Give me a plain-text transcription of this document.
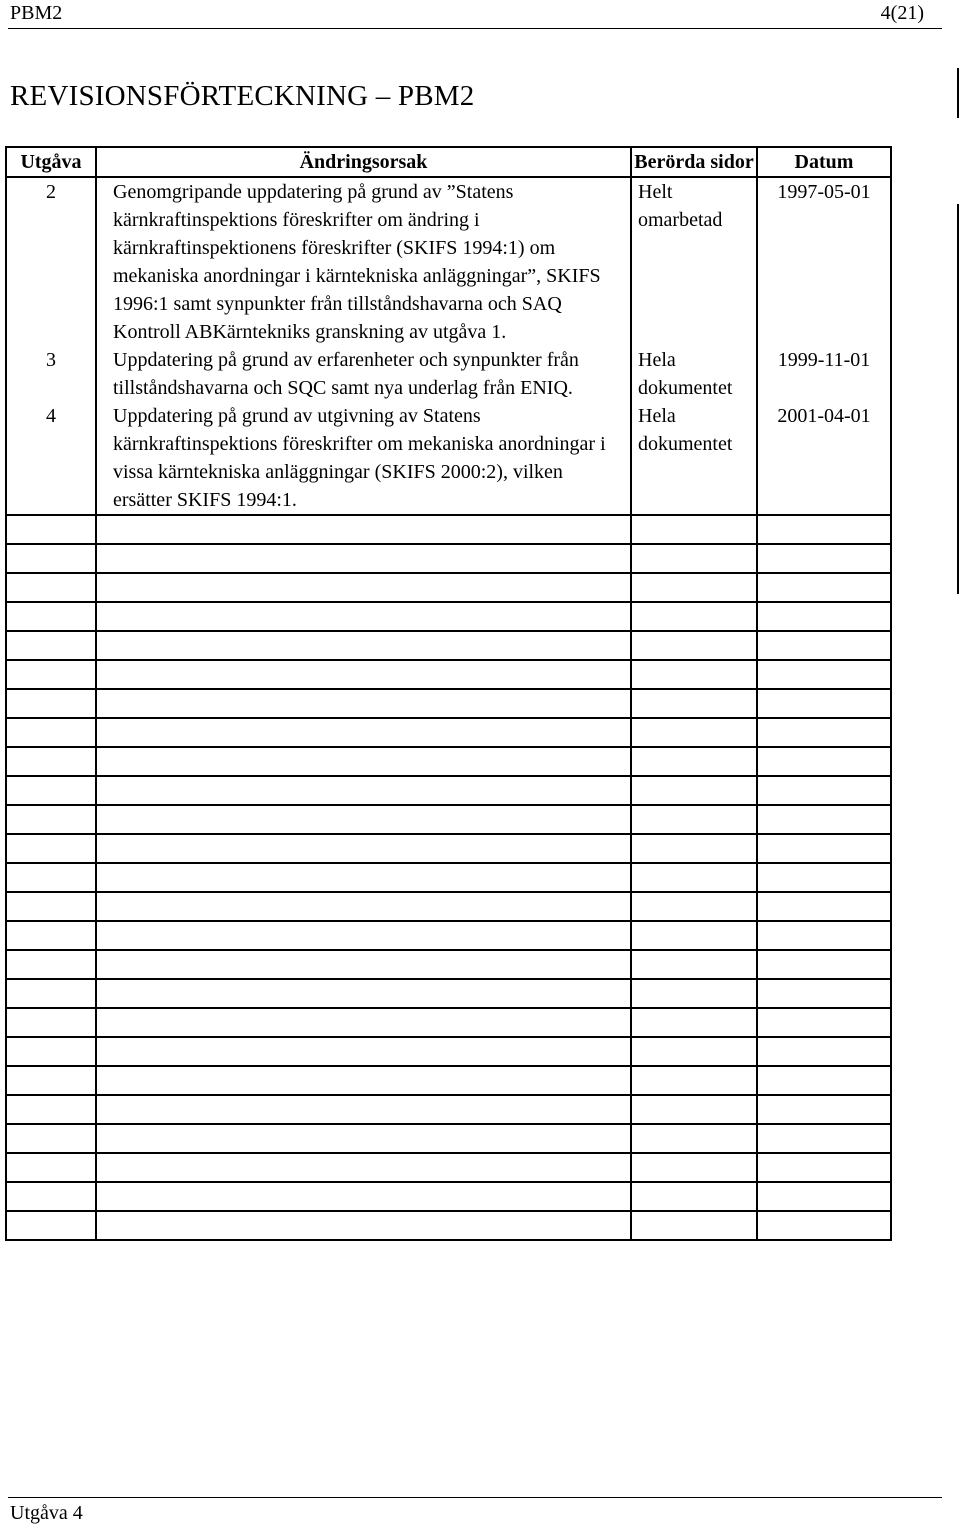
PBM2	4(21)
REVISIONSFÖRTECKNING – PBM2
Utgåva	Ändringsorsak	Berörda sidor	Datum
2	Genomgripande uppdatering på grund av ”Statens kärnkraftinspektions föreskrifter om ändring i kärnkraftinspektionens föreskrifter (SKIFS 1994:1) om mekaniska anordningar i kärntekniska anläggningar”, SKIFS 1996:1 samt synpunkter från tillståndshavarna och SAQ Kontroll ABKärntekniks granskning av utgåva 1.	Helt omarbetad	1997-05-01
3	Uppdatering på grund av erfarenheter och synpunkter från tillståndshavarna och SQC samt nya underlag från ENIQ.	Hela dokumentet	1999-11-01
4	Uppdatering på grund av utgivning av Statens kärnkraftinspektions föreskrifter om mekaniska anordningar i vissa kärntekniska anläggningar (SKIFS 2000:2), vilken ersätter SKIFS 1994:1.	Hela dokumentet	2001-04-01

Utgåva 4
